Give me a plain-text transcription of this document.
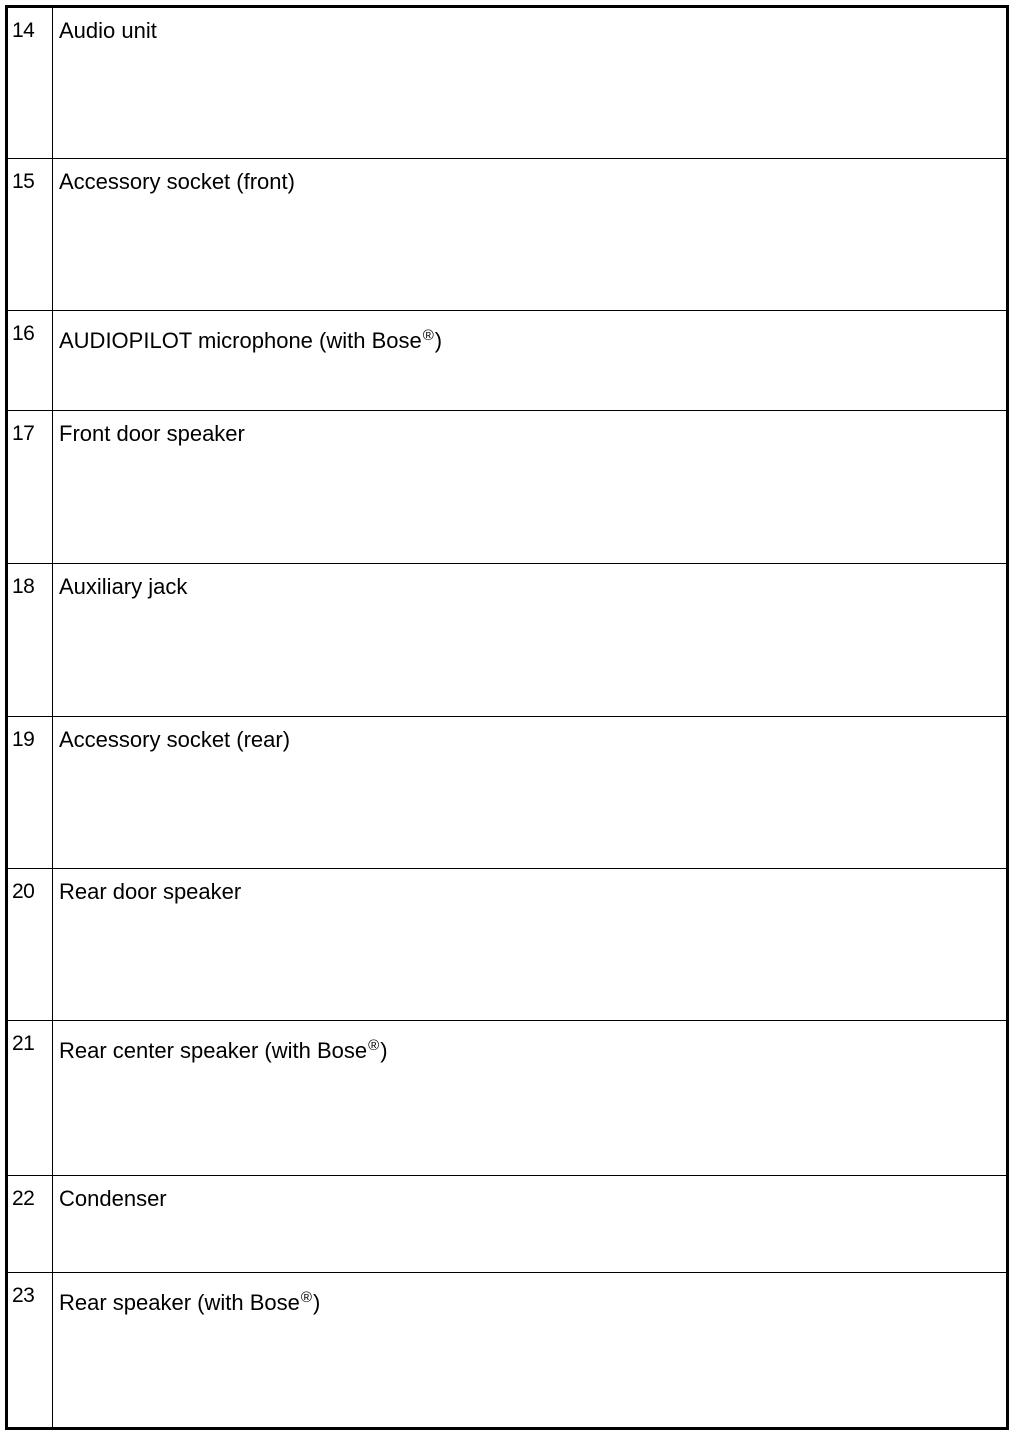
14 Audio unit
15 Accessory socket (front)
16 AUDIOPILOT microphone (with Bose®)
17 Front door speaker
18 Auxiliary jack
19 Accessory socket (rear)
20 Rear door speaker
21 Rear center speaker (with Bose®)
22 Condenser
23 Rear speaker (with Bose®)
